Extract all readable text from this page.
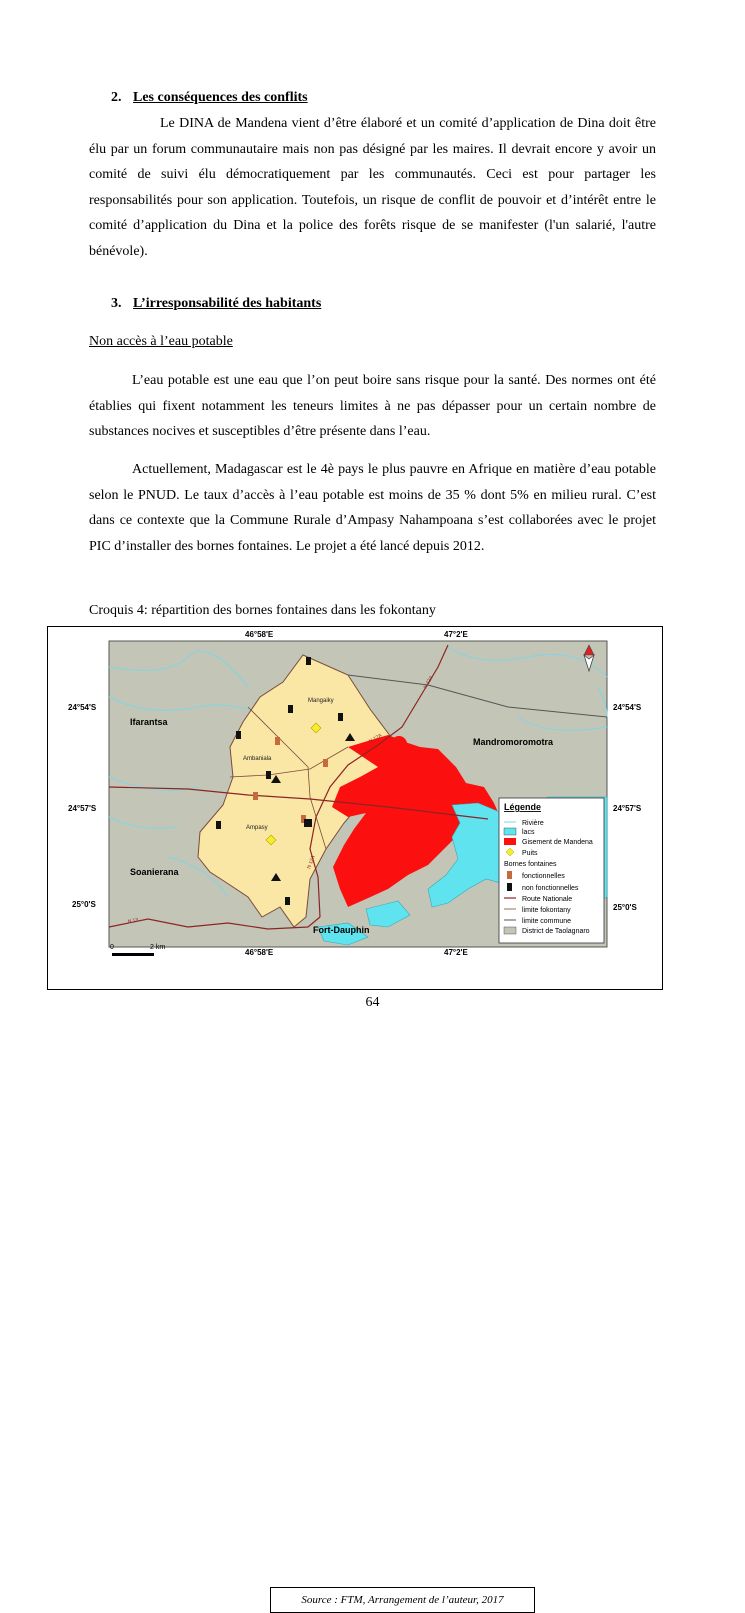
2. Les conséquences des conflits

Le DINA de Mandena vient d’être élaboré et un comité d’application de Dina doit être élu par un forum communautaire mais non pas désigné par les maires. Il devrait encore y avoir un comité de suivi élu démocratiquement par les communautés. Ceci est pour partager les responsabilités pour son application. Toutefois, un risque de conflit de pouvoir et d’intérêt entre le comité d’application du Dina et la police des forêts risque de se manifester (l'un salarié, l'autre bénévole).

3. L’irresponsabilité des habitants
Non accès à l’eau potable

L’eau potable est une eau que l’on peut boire sans risque pour la santé. Des normes ont été établies qui fixent notamment les teneurs limites à ne pas dépasser pour un certain nombre de substances nocives et susceptibles d’être présente dans l’eau.

Actuellement, Madagascar est le 4è pays le plus pauvre en Afrique en matière d’eau potable selon le PNUD. Le taux d’accès à l’eau potable est moins de 35 % dont 5% en milieu rural. C’est dans ce contexte que la Commune Rurale d’Ampasy Nahampoana s’est collaborées avec le projet PIC d’installer des bornes fontaines. Le projet a été lancé depuis 2012.

Croquis 4: répartition des bornes fontaines dans les fokontany
46°58'E	47°2'E
46°58'E	47°2'E
24°54'S
24°57'S
25°0'S
24°54'S
24°57'S
25°0'S
Ifarantsa
Mandromoromotra
Soanierana
Fort-Dauphin
Mangaiky
Ambaniala
Ampasy
N 12A
N 12A
N 12A
N 13
0	2 km
Légende
Rivière
lacs
Gisement de Mandena
Puits
Bornes fontaines
fonctionnelles
non fonctionnelles
Route Nationale
limite fokontany
limite commune
District de Taolagnaro
Source : FTM, Arrangement de l’auteur, 2017
64
